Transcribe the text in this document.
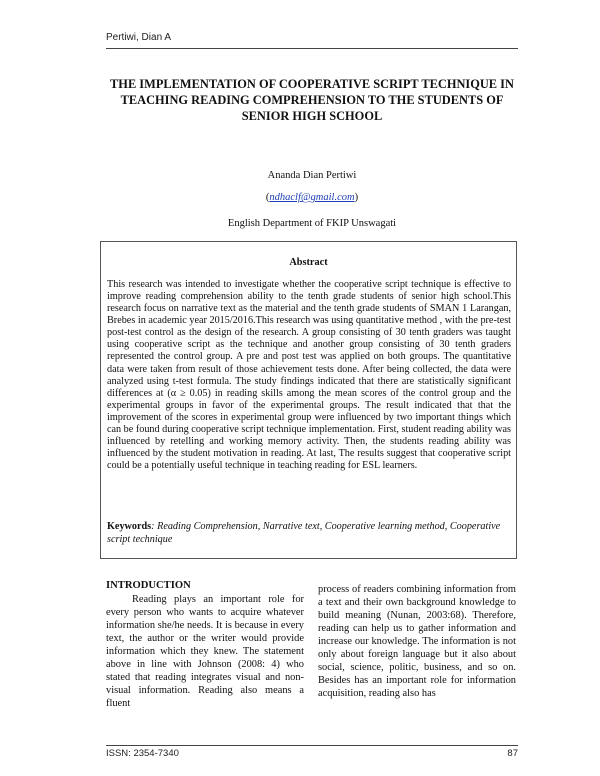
Pertiwi, Dian A
THE IMPLEMENTATION OF COOPERATIVE SCRIPT TECHNIQUE IN TEACHING READING COMPREHENSION TO THE STUDENTS OF SENIOR HIGH SCHOOL
Ananda Dian Pertiwi
(ndhaclf@gmail.com)
English Department of FKIP Unswagati
Abstract

This research was intended to investigate whether the cooperative script technique is effective to improve reading comprehension ability to the tenth grade students of senior high school.This research focus on narrative text as the material and the tenth grade students of SMAN 1 Larangan, Brebes in academic year 2015/2016.This research was using quantitative method , with the pre-test post-test control as the design of the research. A group consisting of 30 tenth graders was taught using cooperative script as the technique and another group consisting of 30 tenth graders represented the control group. A pre and post test was applied on both groups. The quantitative data were taken from result of those achievement tests done. After being collected, the data were analyzed using t-test formula. The study findings indicated that there are statistically significant differences at (α ≥ 0.05) in reading skills among the mean scores of the control group and the experimental groups in favor of the experimental groups. The result indicated that that the improvement of the scores in experimental group were influenced by two important things which can be found during cooperative script technique implementation. First, student reading ability was influenced by retelling and working memory activity. Then, the students reading ability was influenced by the student motivation in reading. At last, The results suggest that cooperative script could be a potentially useful technique in teaching reading for ESL learners.

Keywords: Reading Comprehension, Narrative text, Cooperative learning method, Cooperative script technique

INTRODUCTION

Reading plays an important role for every person who wants to acquire whatever information she/he needs. It is because in every text, the author or the writer would provide information which they knew. The statement above in line with Johnson (2008: 4) who stated that reading integrates visual and non-visual information. Reading also means a fluent

process of readers combining information from a text and their own background knowledge to build meaning (Nunan, 2003:68). Therefore, reading can help us to gather information and increase our knowledge. The information is not only about foreign language but it also about social, science, politic, business, and so on. Besides has an important role for information acquisition, reading also has

ISSN: 2354-7340	87
